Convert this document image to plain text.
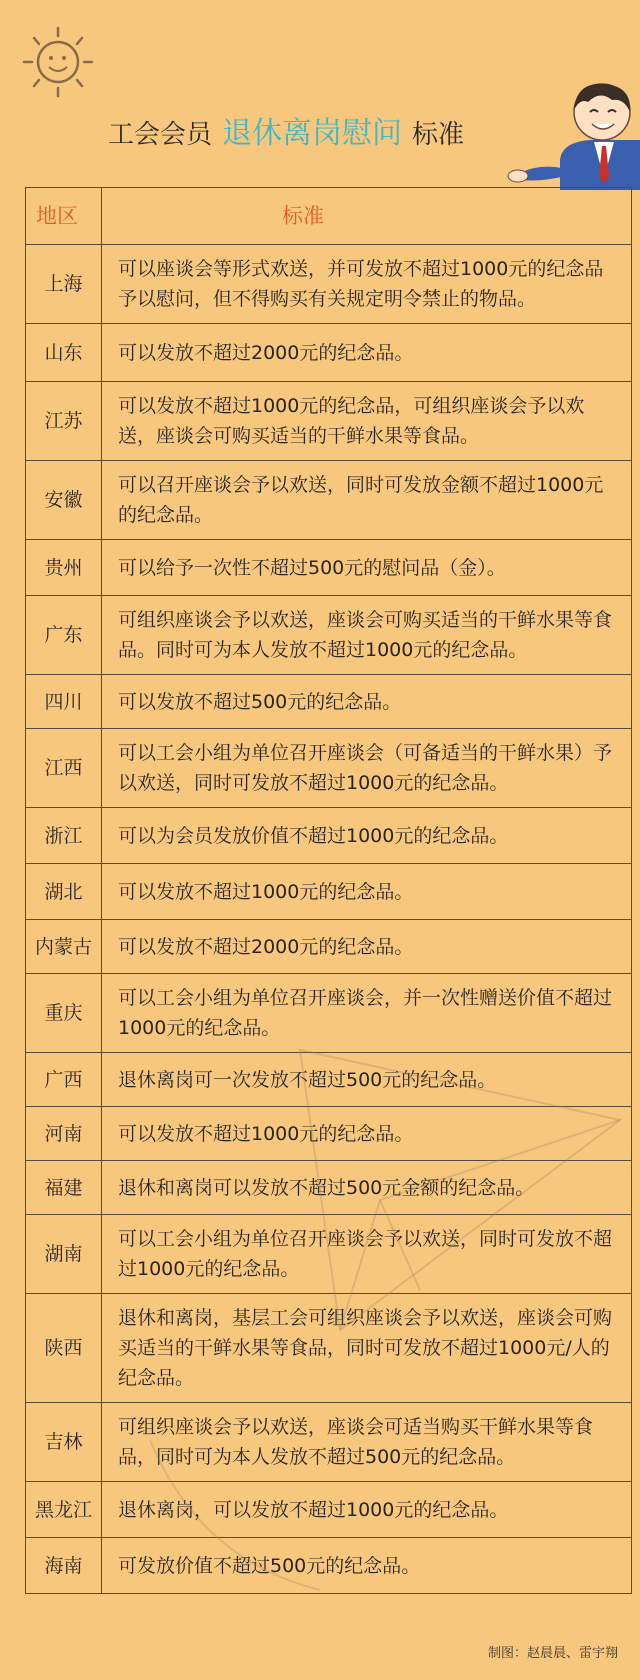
工会会员 退休离岗慰问 标准
地区	标准
上海	可以座谈会等形式欢送，并可发放不超过1000元的纪念品予以慰问，但不得购买有关规定明令禁止的物品。
山东	可以发放不超过2000元的纪念品。
江苏	可以发放不超过1000元的纪念品，可组织座谈会予以欢送，座谈会可购买适当的干鲜水果等食品。
安徽	可以召开座谈会予以欢送，同时可发放金额不超过1000元的纪念品。
贵州	可以给予一次性不超过500元的慰问品（金）。
广东	可组织座谈会予以欢送，座谈会可购买适当的干鲜水果等食品。同时可为本人发放不超过1000元的纪念品。
四川	可以发放不超过500元的纪念品。
江西	可以工会小组为单位召开座谈会（可备适当的干鲜水果）予以欢送，同时可发放不超过1000元的纪念品。
浙江	可以为会员发放价值不超过1000元的纪念品。
湖北	可以发放不超过1000元的纪念品。
内蒙古	可以发放不超过2000元的纪念品。
重庆	可以工会小组为单位召开座谈会，并一次性赠送价值不超过1000元的纪念品。
广西	退休离岗可一次发放不超过500元的纪念品。
河南	可以发放不超过1000元的纪念品。
福建	退休和离岗可以发放不超过500元金额的纪念品。
湖南	可以工会小组为单位召开座谈会予以欢送，同时可发放不超过1000元的纪念品。
陕西	退休和离岗，基层工会可组织座谈会予以欢送，座谈会可购买适当的干鲜水果等食品，同时可发放不超过1000元/人的纪念品。
吉林	可组织座谈会予以欢送，座谈会可适当购买干鲜水果等食品，同时可为本人发放不超过500元的纪念品。
黑龙江	退休离岗，可以发放不超过1000元的纪念品。
海南	可发放价值不超过500元的纪念品。
制图：赵晨晨、雷宇翔
